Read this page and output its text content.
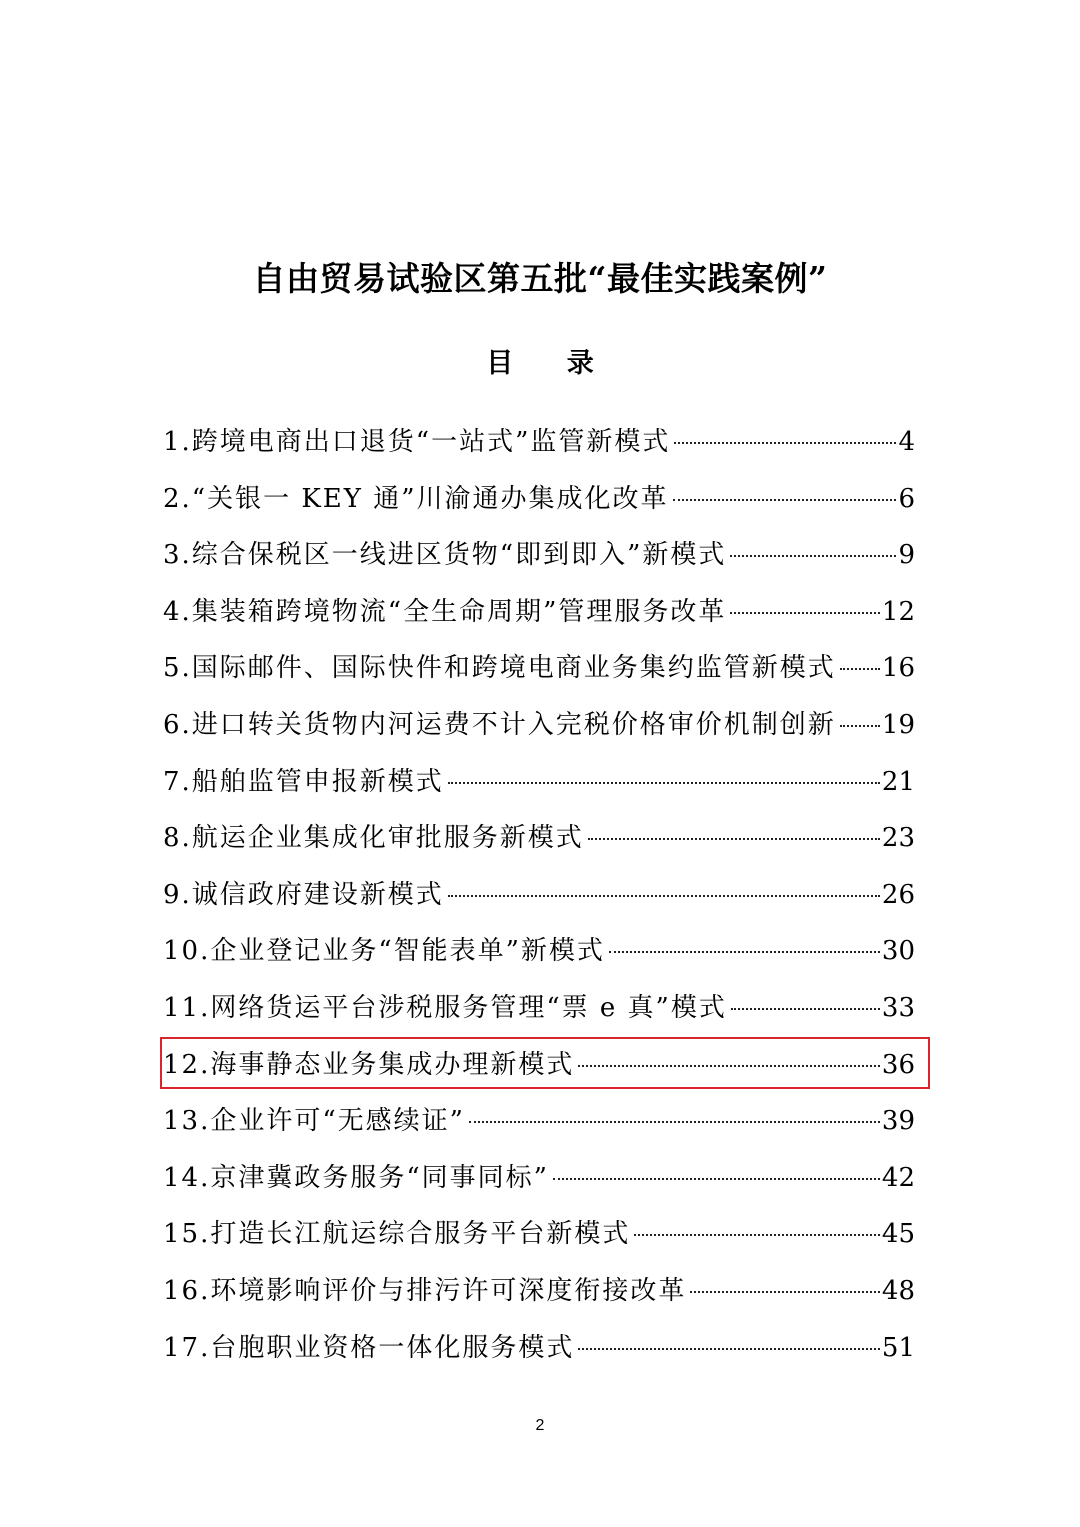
自由贸易试验区第五批“最佳实践案例”
目 录
1.跨境电商出口退货“一站式”监管新模式	4
2.“关银一 KEY 通”川渝通办集成化改革	6
3.综合保税区一线进区货物“即到即入”新模式	9
4.集装箱跨境物流“全生命周期”管理服务改革	12
5.国际邮件、国际快件和跨境电商业务集约监管新模式 16
6.进口转关货物内河运费不计入完税价格审价机制创新 19
7.船舶监管申报新模式	21
8.航运企业集成化审批服务新模式	23
9.诚信政府建设新模式	26
10.企业登记业务“智能表单”新模式	30
11.网络货运平台涉税服务管理“票 e 真”模式	33
12.海事静态业务集成办理新模式	36
13.企业许可“无感续证”	39
14.京津冀政务服务“同事同标”	42
15.打造长江航运综合服务平台新模式	45
16.环境影响评价与排污许可深度衔接改革	48
17.台胞职业资格一体化服务模式	51
2
